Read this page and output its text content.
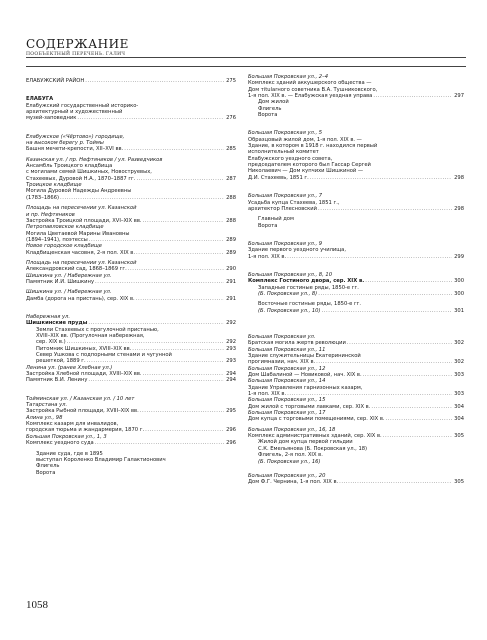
СОДЕРЖАНИЕ
ПООБЪЕКТНЫЙ ПЕРЕЧЕНЬ. ГАЛИЧ
ЕЛАБУЖСКИЙ РАЙОН .....	275
ЕЛАБУГА
Елабужский государственный историко-
архитектурный и художественный
музей-заповедник .....	276
Елабужское («Чёртово») городище,
на высоком берегу р. Тоймы
Башня мечети-крепости, XII–XVI вв. .....	285
Казанская ул. / пр. Нефтяников / ул. Разведчиков
Ансамбль Троицкого кладбища
с могилами семей Шишкиных, Новоструевых,
Стахеевых, Дуровой Н.А., 1870–1887 гг. .....	287
Троицкое кладбище
Могила Дуровой Надежды Андреевны
(1783–1866) .....	288
Площадь на пересечении ул. Казанской
и пр. Нефтяников
Застройка Троицкой площади, XVI–XIX вв. .....	288
Петропавловское кладбище
Могила Цветаевой Марины Ивановны
(1894–1941), поэтессы .....	289
Новое городское кладбище
Кладбищенская часовня, 2-я пол. XIX в. .....	289
Площадь на пересечении ул. Казанской
Александровский сад, 1868–1869 гг. .....	290
Шишкина ул. / Набережная ул.
Памятник И.И. Шишкину .....	291
Шишкина ул. / Набережная ул.
Дамба (дорога на пристань), сер. XIX в. .....	291
Набережная ул.
Шишкинские пруды .....	292
Земли Стахеевых с прогулочной пристанью,
XVIII–XIX вв. (Прогулочная набережная,
сер. XIX в.) .....	292
Питомник Шишкиных, XVIII–XIX вв. .....	293
Север Ушкова с подпорными стенами и чугунной
решеткой, 1889 г. .....	293
Ленина ул. (ранее Хлебная ул.)
Застройка Хлебной площади, XVIII–XIX вв. .....	294
Памятник В.И. Ленину .....	294
Тойминская ул. / Казанская ул. / 10 лет
Татарстана ул.
Застройка Рыбной площади, XVIII–XIX вв. .....	295
Алина ул., 98
Комплекс казарм для инвалидов,
городская тюрьма и жандармерия, 1870 г. .....	296
Большая Покровская ул., 1, 3
Комплекс уездного суда .....	296
Здание суда, где в 1895
выступал Короленко Владимир Галактионович
Флигель
Ворота
Большая Покровская ул., 2–4
Комплекс зданий аккушерского общества —
Дом тitularного советника В.А. Тушниковского,
1-я пол. XIX в. — Елабужская уездная управа .....	297
Дом жилой
Флигель
Ворота
Большая Покровская ул., 5
Образцовый жилой дом, 1-я пол. XIX в. —
Здание, в котором в 1918 г. находился первый
исполнительный комитет
Елабужского уездного совета,
председателем которого был Гассар Сергей
Николаевич — Дом купчихи Шишкиной —
Д.И. Стахеевь, 1851 г. .....	298
Большая Покровская ул., 7
Усадьба купца Стахеева, 1851 г.,
архитектор Плесновский .....	298
Главный дом
Ворота
Большая Покровская ул., 9
Здание первого уездного училища,
1-я пол. XIX в. .....	299
Большая Покровская ул., 8, 10
Комплекс Гостиного двора, сер. XIX в. .....	300
Западные гостиные ряды, 1850-е гг.
(Б. Покровская ул., 8) .....	300
Восточные гостиные ряды, 1850-е гг.
(Б. Покровская ул., 10) .....	301
Большая Покровская ул.
Братская могила жертв революции .....	302
Большая Покровская ул., 11
Здание служительницы Екатерининской
прогимназии, нач. XIX в. .....	302
Большая Покровская ул., 12
Дом Шабалиной — Новиковой, нач. XIX в. .....	303
Большая Покровская ул., 14
Здание Управления гарнизонных казарм,
1-я пол. XIX в. .....	303
Большая Покровская ул., 15
Дом жилой с торговыми лавками, сер. XIX в. .....	304
Большая Покровская ул., 17
Дом купца с торговыми помещениями, сер. XIX в. .....	304
Большая Покровская ул., 16, 18
Комплекс административных зданий, сер. XIX в. .....	305
Жилой дом купца первой гильдии
С.К. Емельянова (Б. Покровская ул., 18)
Флигель, 2-я пол. XIX в.
(Б. Покровская ул., 16)
Большая Покровская ул., 20
Дом Ф.Г. Чернина, 1-я пол. XIX в. .....	305
1058
